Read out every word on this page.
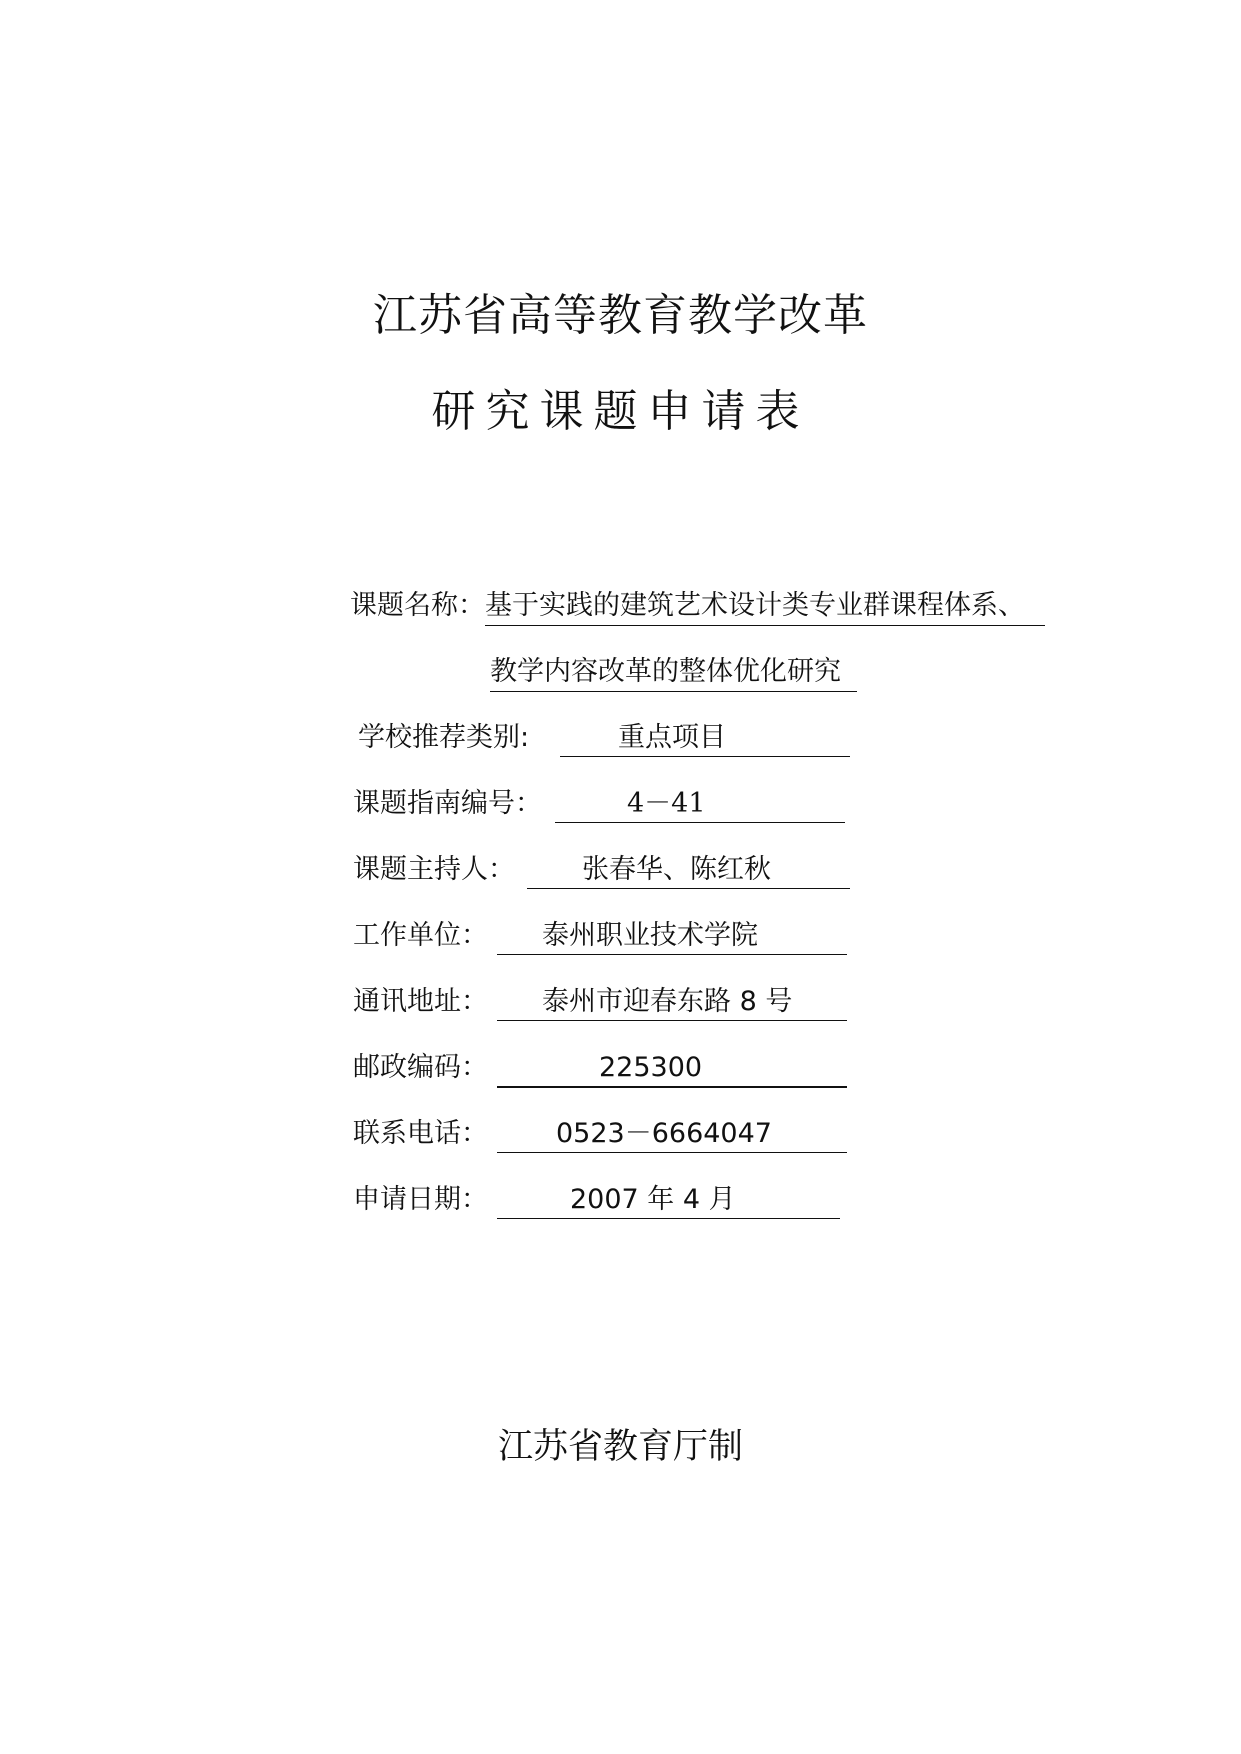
江苏省高等教育教学改革
研究课题申请表
课题名称：基于实践的建筑艺术设计类专业群课程体系、
教学内容改革的整体优化研究
学校推荐类别:	重点项目
课题指南编号：	4－41
课题主持人： 张春华、陈红秋
工作单位： 泰州职业技术学院
通讯地址： 泰州市迎春东路 8 号
邮政编码：	225300
联系电话：	0523－6664047
申请日期：	2007 年 4 月
江苏省教育厅制
